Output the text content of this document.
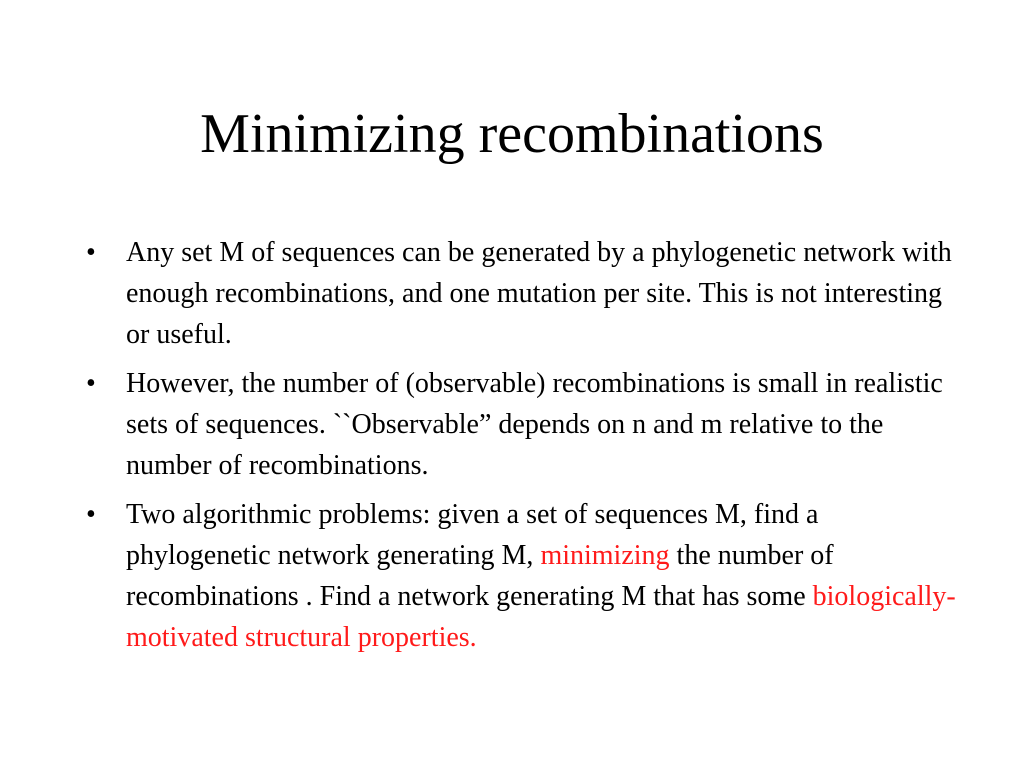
Minimizing recombinations
• Any set M of sequences can be generated by a phylogenetic network with enough recombinations, and one mutation per site. This is not interesting or useful.
• However, the number of (observable) recombinations is small in realistic sets of sequences. ``Observable” depends on n and m relative to the number of recombinations.
• Two algorithmic problems: given a set of sequences M, find a phylogenetic network generating M, minimizing the number of recombinations . Find a network generating M that has some biologically-motivated structural properties.
